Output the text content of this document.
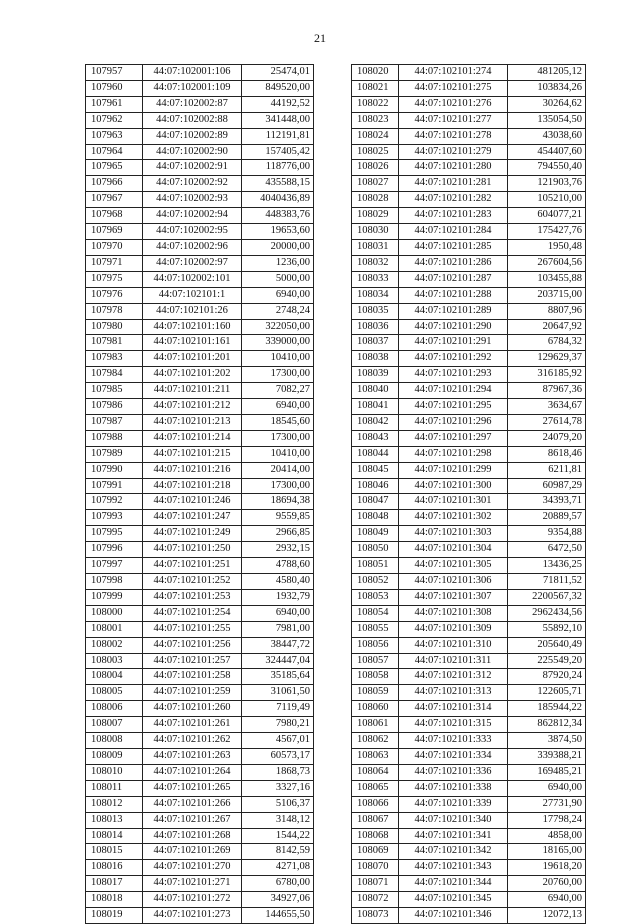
21
107957	44:07:102001:106	25474,01
107960	44:07:102001:109	849520,00
107961	44:07:102002:87	44192,52
107962	44:07:102002:88	341448,00
107963	44:07:102002:89	112191,81
107964	44:07:102002:90	157405,42
107965	44:07:102002:91	118776,00
107966	44:07:102002:92	435588,15
107967	44:07:102002:93	4040436,89
107968	44:07:102002:94	448383,76
107969	44:07:102002:95	19653,60
107970	44:07:102002:96	20000,00
107971	44:07:102002:97	1236,00
107975	44:07:102002:101	5000,00
107976	44:07:102101:1	6940,00
107978	44:07:102101:26	2748,24
107980	44:07:102101:160	322050,00
107981	44:07:102101:161	339000,00
107983	44:07:102101:201	10410,00
107984	44:07:102101:202	17300,00
107985	44:07:102101:211	7082,27
107986	44:07:102101:212	6940,00
107987	44:07:102101:213	18545,60
107988	44:07:102101:214	17300,00
107989	44:07:102101:215	10410,00
107990	44:07:102101:216	20414,00
107991	44:07:102101:218	17300,00
107992	44:07:102101:246	18694,38
107993	44:07:102101:247	9559,85
107995	44:07:102101:249	2966,85
107996	44:07:102101:250	2932,15
107997	44:07:102101:251	4788,60
107998	44:07:102101:252	4580,40
107999	44:07:102101:253	1932,79
108000	44:07:102101:254	6940,00
108001	44:07:102101:255	7981,00
108002	44:07:102101:256	38447,72
108003	44:07:102101:257	324447,04
108004	44:07:102101:258	35185,64
108005	44:07:102101:259	31061,50
108006	44:07:102101:260	7119,49
108007	44:07:102101:261	7980,21
108008	44:07:102101:262	4567,01
108009	44:07:102101:263	60573,17
108010	44:07:102101:264	1868,73
108011	44:07:102101:265	3327,16
108012	44:07:102101:266	5106,37
108013	44:07:102101:267	3148,12
108014	44:07:102101:268	1544,22
108015	44:07:102101:269	8142,59
108016	44:07:102101:270	4271,08
108017	44:07:102101:271	6780,00
108018	44:07:102101:272	34927,06
108019	44:07:102101:273	144655,50
108020	44:07:102101:274	481205,12
108021	44:07:102101:275	103834,26
108022	44:07:102101:276	30264,62
108023	44:07:102101:277	135054,50
108024	44:07:102101:278	43038,60
108025	44:07:102101:279	454407,60
108026	44:07:102101:280	794550,40
108027	44:07:102101:281	121903,76
108028	44:07:102101:282	105210,00
108029	44:07:102101:283	604077,21
108030	44:07:102101:284	175427,76
108031	44:07:102101:285	1950,48
108032	44:07:102101:286	267604,56
108033	44:07:102101:287	103455,88
108034	44:07:102101:288	203715,00
108035	44:07:102101:289	8807,96
108036	44:07:102101:290	20647,92
108037	44:07:102101:291	6784,32
108038	44:07:102101:292	129629,37
108039	44:07:102101:293	316185,92
108040	44:07:102101:294	87967,36
108041	44:07:102101:295	3634,67
108042	44:07:102101:296	27614,78
108043	44:07:102101:297	24079,20
108044	44:07:102101:298	8618,46
108045	44:07:102101:299	6211,81
108046	44:07:102101:300	60987,29
108047	44:07:102101:301	34393,71
108048	44:07:102101:302	20889,57
108049	44:07:102101:303	9354,88
108050	44:07:102101:304	6472,50
108051	44:07:102101:305	13436,25
108052	44:07:102101:306	71811,52
108053	44:07:102101:307	2200567,32
108054	44:07:102101:308	2962434,56
108055	44:07:102101:309	55892,10
108056	44:07:102101:310	205640,49
108057	44:07:102101:311	225549,20
108058	44:07:102101:312	87920,24
108059	44:07:102101:313	122605,71
108060	44:07:102101:314	185944,22
108061	44:07:102101:315	862812,34
108062	44:07:102101:333	3874,50
108063	44:07:102101:334	339388,21
108064	44:07:102101:336	169485,21
108065	44:07:102101:338	6940,00
108066	44:07:102101:339	27731,90
108067	44:07:102101:340	17798,24
108068	44:07:102101:341	4858,00
108069	44:07:102101:342	18165,00
108070	44:07:102101:343	19618,20
108071	44:07:102101:344	20760,00
108072	44:07:102101:345	6940,00
108073	44:07:102101:346	12072,13
